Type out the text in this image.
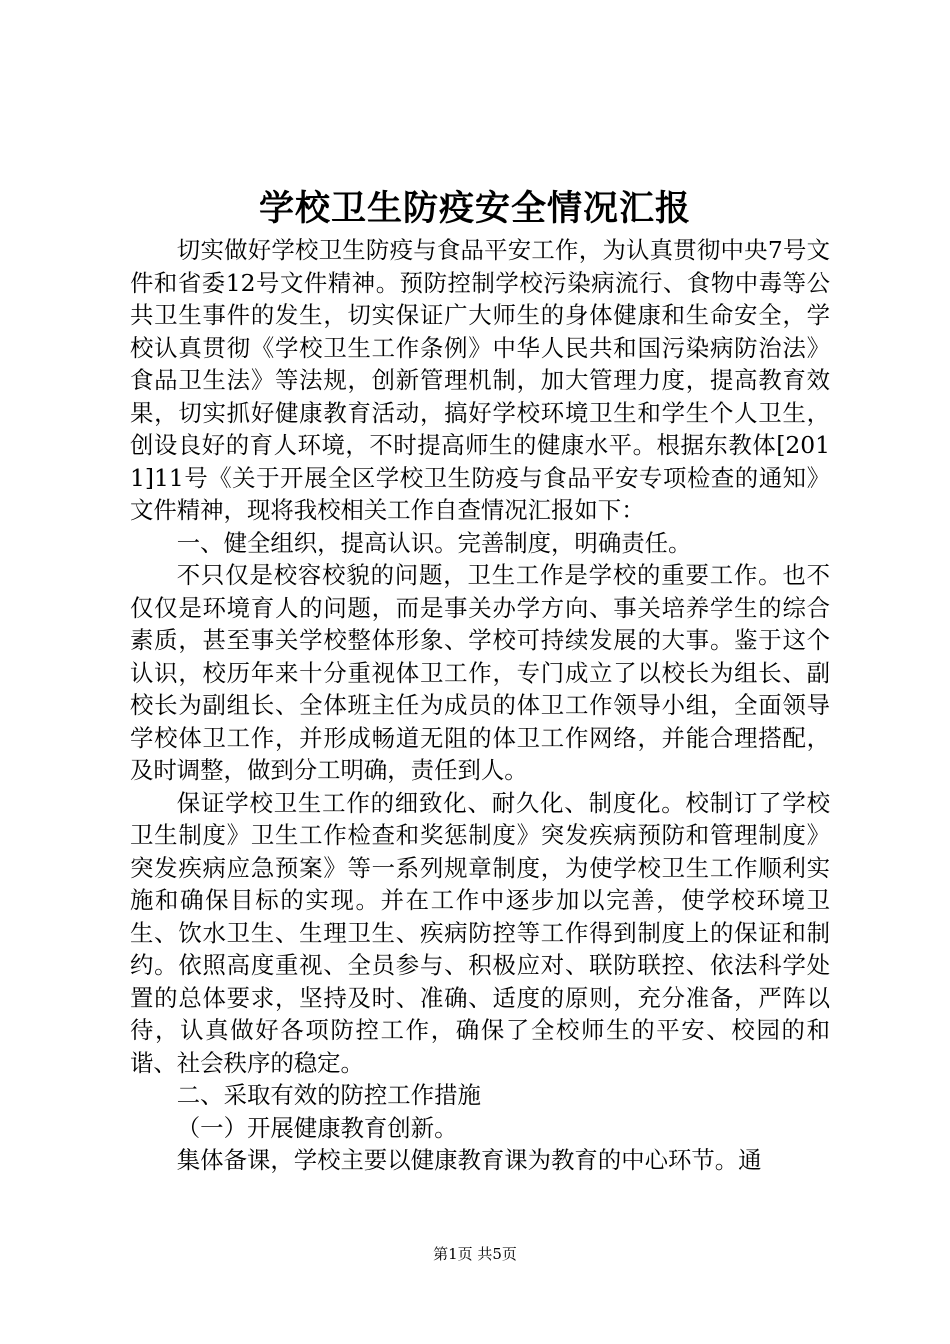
学校卫生防疫安全情况汇报

切实做好学校卫生防疫与食品平安工作，为认真贯彻中央7号文件和省委12号文件精神。预防控制学校污染病流行、食物中毒等公共卫生事件的发生，切实保证广大师生的身体健康和生命安全，学校认真贯彻《学校卫生工作条例》中华人民共和国污染病防治法》食品卫生法》等法规，创新管理机制，加大管理力度，提高教育效果，切实抓好健康教育活动，搞好学校环境卫生和学生个人卫生，创设良好的育人环境，不时提高师生的健康水平。根据东教体[2011]11号《关于开展全区学校卫生防疫与食品平安专项检查的通知》文件精神，现将我校相关工作自查情况汇报如下：

一、健全组织，提高认识。完善制度，明确责任。

不只仅是校容校貌的问题，卫生工作是学校的重要工作。也不仅仅是环境育人的问题，而是事关办学方向、事关培养学生的综合素质，甚至事关学校整体形象、学校可持续发展的大事。鉴于这个认识，校历年来十分重视体卫工作，专门成立了以校长为组长、副校长为副组长、全体班主任为成员的体卫工作领导小组，全面领导学校体卫工作，并形成畅道无阻的体卫工作网络，并能合理搭配，及时调整，做到分工明确，责任到人。

保证学校卫生工作的细致化、耐久化、制度化。校制订了学校卫生制度》卫生工作检查和奖惩制度》突发疾病预防和管理制度》突发疾病应急预案》等一系列规章制度，为使学校卫生工作顺利实施和确保目标的实现。并在工作中逐步加以完善，使学校环境卫生、饮水卫生、生理卫生、疾病防控等工作得到制度上的保证和制约。依照高度重视、全员参与、积极应对、联防联控、依法科学处置的总体要求，坚持及时、准确、适度的原则，充分准备，严阵以待，认真做好各项防控工作，确保了全校师生的平安、校园的和谐、社会秩序的稳定。

二、采取有效的防控工作措施

（一）开展健康教育创新。

集体备课，学校主要以健康教育课为教育的中心环节。通

第1页 共5页
